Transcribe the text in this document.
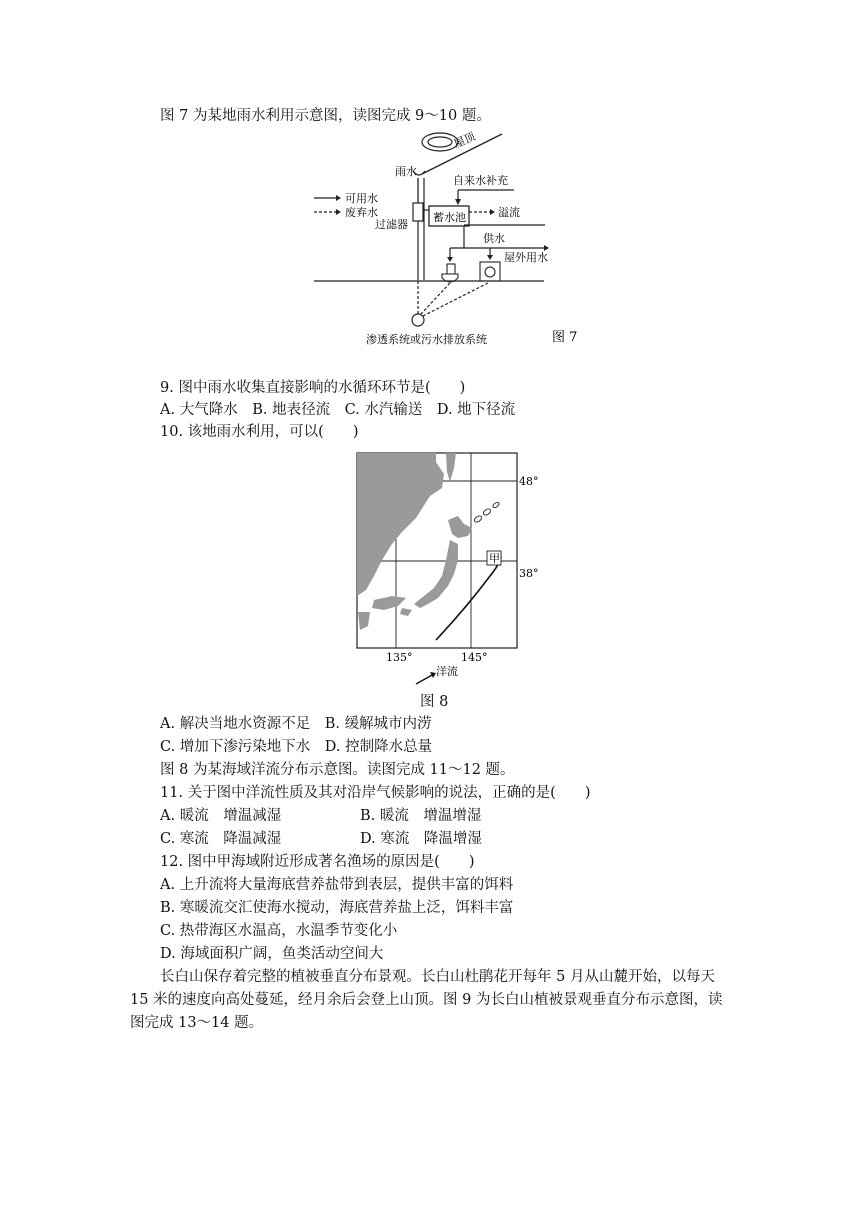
图 7 为某地雨水利用示意图，读图完成 9～10 题。
屋顶
雨水
过滤器
可用水
废弃水
自来水补充
蓄水池	溢流
供水
屋外用水
渗透系统或污水排放系统	图 7
9. 图中雨水收集直接影响的水循环环节是(　　)
A. 大气降水　B. 地表径流　C. 水汽输送　D. 地下径流
10. 该地雨水利用，可以(　　)
甲
48°
38°
135°	145°
洋流
图 8
A. 解决当地水资源不足　B. 缓解城市内涝
C. 增加下渗污染地下水　D. 控制降水总量
图 8 为某海域洋流分布示意图。读图完成 11～12 题。
11. 关于图中洋流性质及其对沿岸气候影响的说法，正确的是(　　)
A. 暖流　增温减湿	B. 暖流　增温增湿
C. 寒流　降温减湿	D. 寒流　降温增湿
12. 图中甲海域附近形成著名渔场的原因是(　　)
A. 上升流将大量海底营养盐带到表层，提供丰富的饵料
B. 寒暖流交汇使海水搅动，海底营养盐上泛，饵料丰富
C. 热带海区水温高，水温季节变化小
D. 海域面积广阔，鱼类活动空间大
长白山保存着完整的植被垂直分布景观。长白山杜鹃花开每年 5 月从山麓开始，以每天
15 米的速度向高处蔓延，经月余后会登上山顶。图 9 为长白山植被景观垂直分布示意图，读
图完成 13～14 题。
